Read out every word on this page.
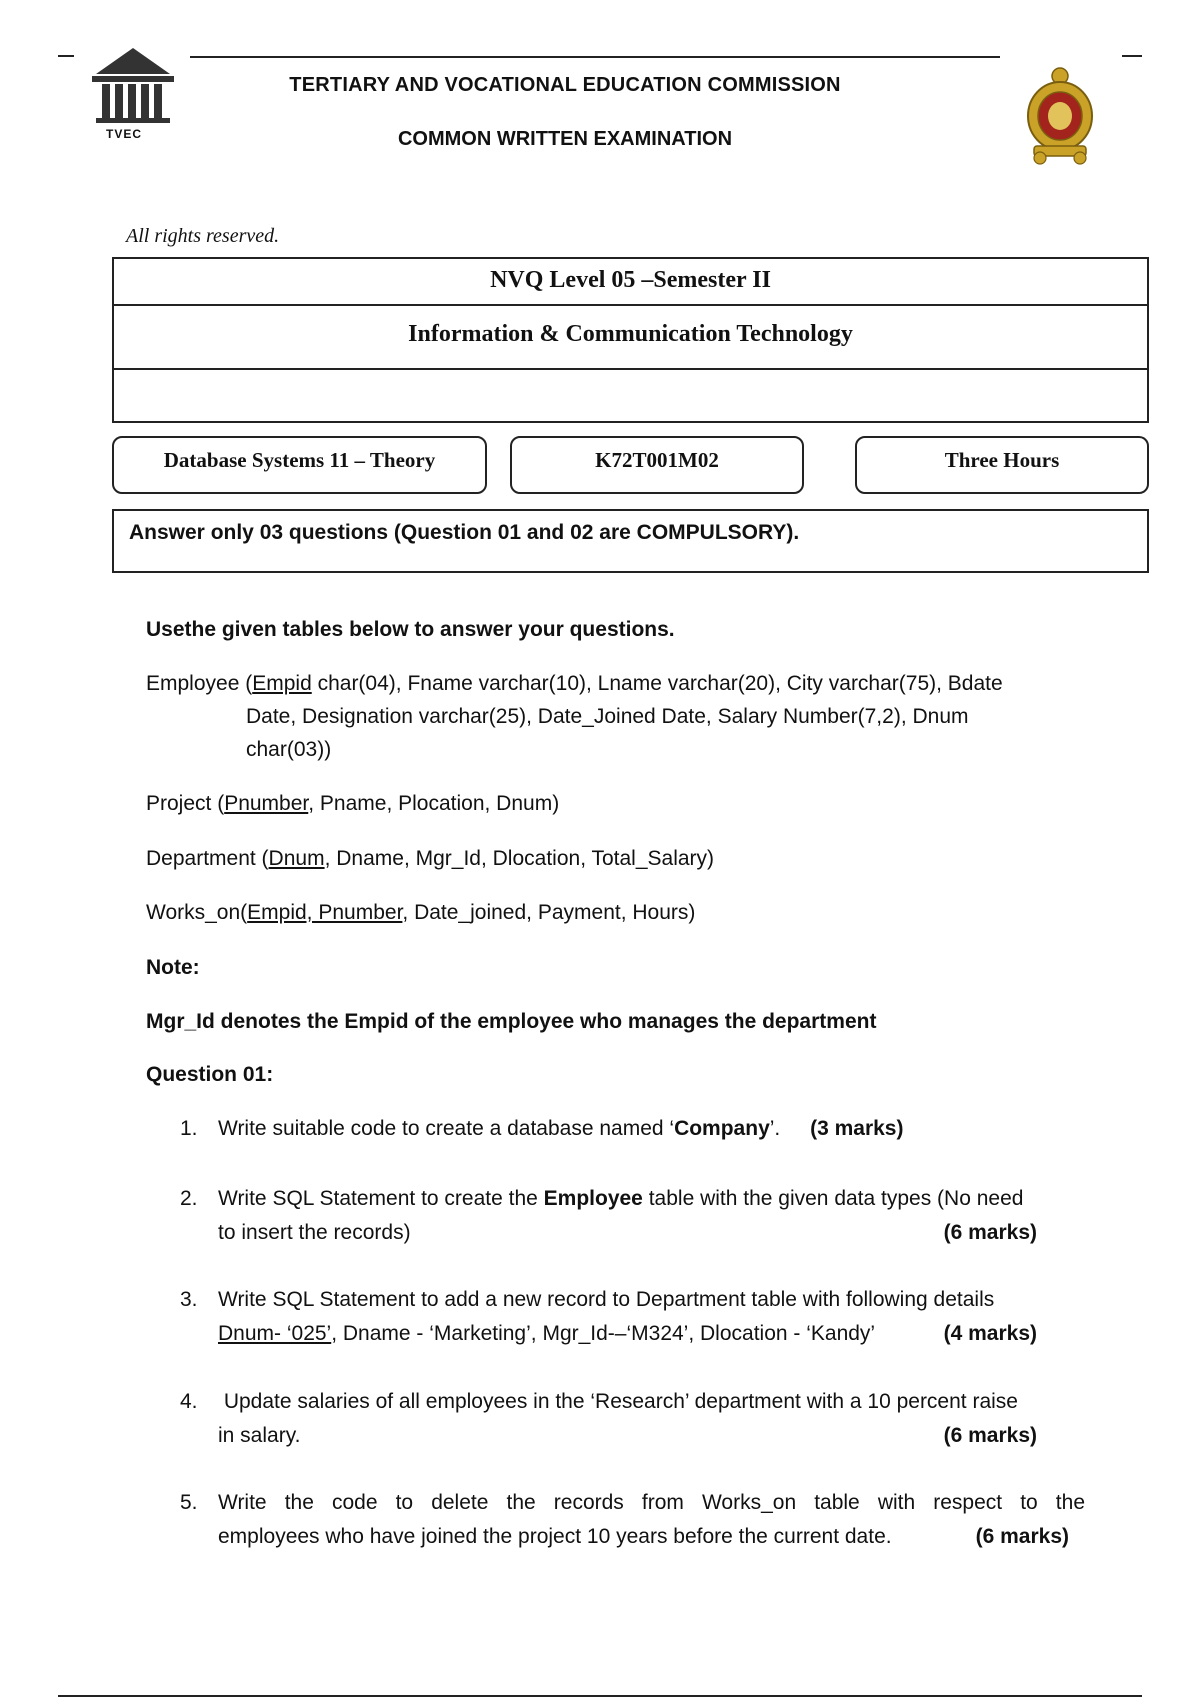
TVEC
TERTIARY AND VOCATIONAL EDUCATION COMMISSION
COMMON WRITTEN EXAMINATION
All rights reserved.
NVQ Level 05 –Semester II
Information & Communication Technology
Database Systems 11 – Theory	K72T001M02	Three Hours
Answer only 03 questions (Question 01 and 02 are COMPULSORY).
Usethe given tables below to answer your questions.
Employee (Empid char(04), Fname varchar(10), Lname varchar(20), City varchar(75), Bdate
Date, Designation varchar(25), Date_Joined Date, Salary Number(7,2), Dnum
char(03))
Project (Pnumber, Pname, Plocation, Dnum)
Department (Dnum, Dname, Mgr_Id, Dlocation, Total_Salary)
Works_on(Empid, Pnumber, Date_joined, Payment, Hours)
Note:
Mgr_Id denotes the Empid of the employee who manages the department
Question 01:
1. Write suitable code to create a database named ‘Company’. (3 marks)
2. Write SQL Statement to create the Employee table with the given data types (No need
to insert the records)	(6 marks)
3. Write SQL Statement to add a new record to Department table with following details
Dnum- ‘025’, Dname - ‘Marketing’, Mgr_Id-–‘M324’, Dlocation - ‘Kandy’	(4 marks)
4. Update salaries of all employees in the ‘Research’ department with a 10 percent raise
in salary.	(6 marks)
5. Write the code to delete the records from Works_on table with respect to the
employees who have joined the project 10 years before the current date.	(6 marks)
